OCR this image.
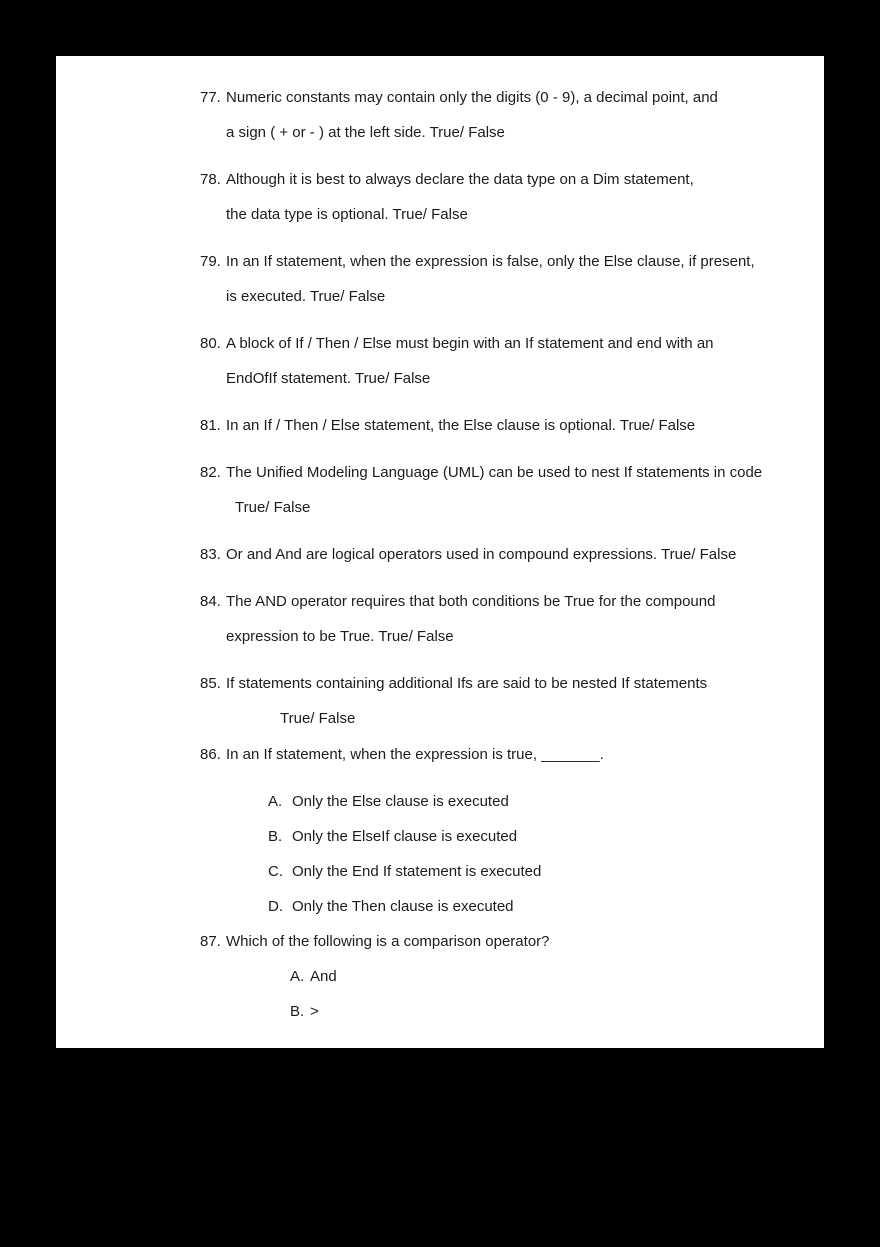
77. Numeric constants may contain only the digits (0 - 9), a decimal point, and
a sign ( + or - ) at the left side. True/ False
78. Although it is best to always declare the data type on a Dim statement,
the data type is optional. True/ False
79. In an If statement, when the expression is false, only the Else clause, if present,
is executed. True/ False
80. A block of If / Then / Else must begin with an If statement and end with an
EndOfIf statement. True/ False
81. In an If / Then / Else statement, the Else clause is optional. True/ False
82. The Unified Modeling Language (UML) can be used to nest If statements in code
True/ False
83. Or and And are logical operators used in compound expressions. True/ False
84. The AND operator requires that both conditions be True for the compound
expression to be True. True/ False
85. If statements containing additional Ifs are said to be nested If statements
True/ False
86. In an If statement, when the expression is true, _______.
A. Only the Else clause is executed
B. Only the ElseIf clause is executed
C. Only the End If statement is executed
D. Only the Then clause is executed
87. Which of the following is a comparison operator?
A. And
B. >
